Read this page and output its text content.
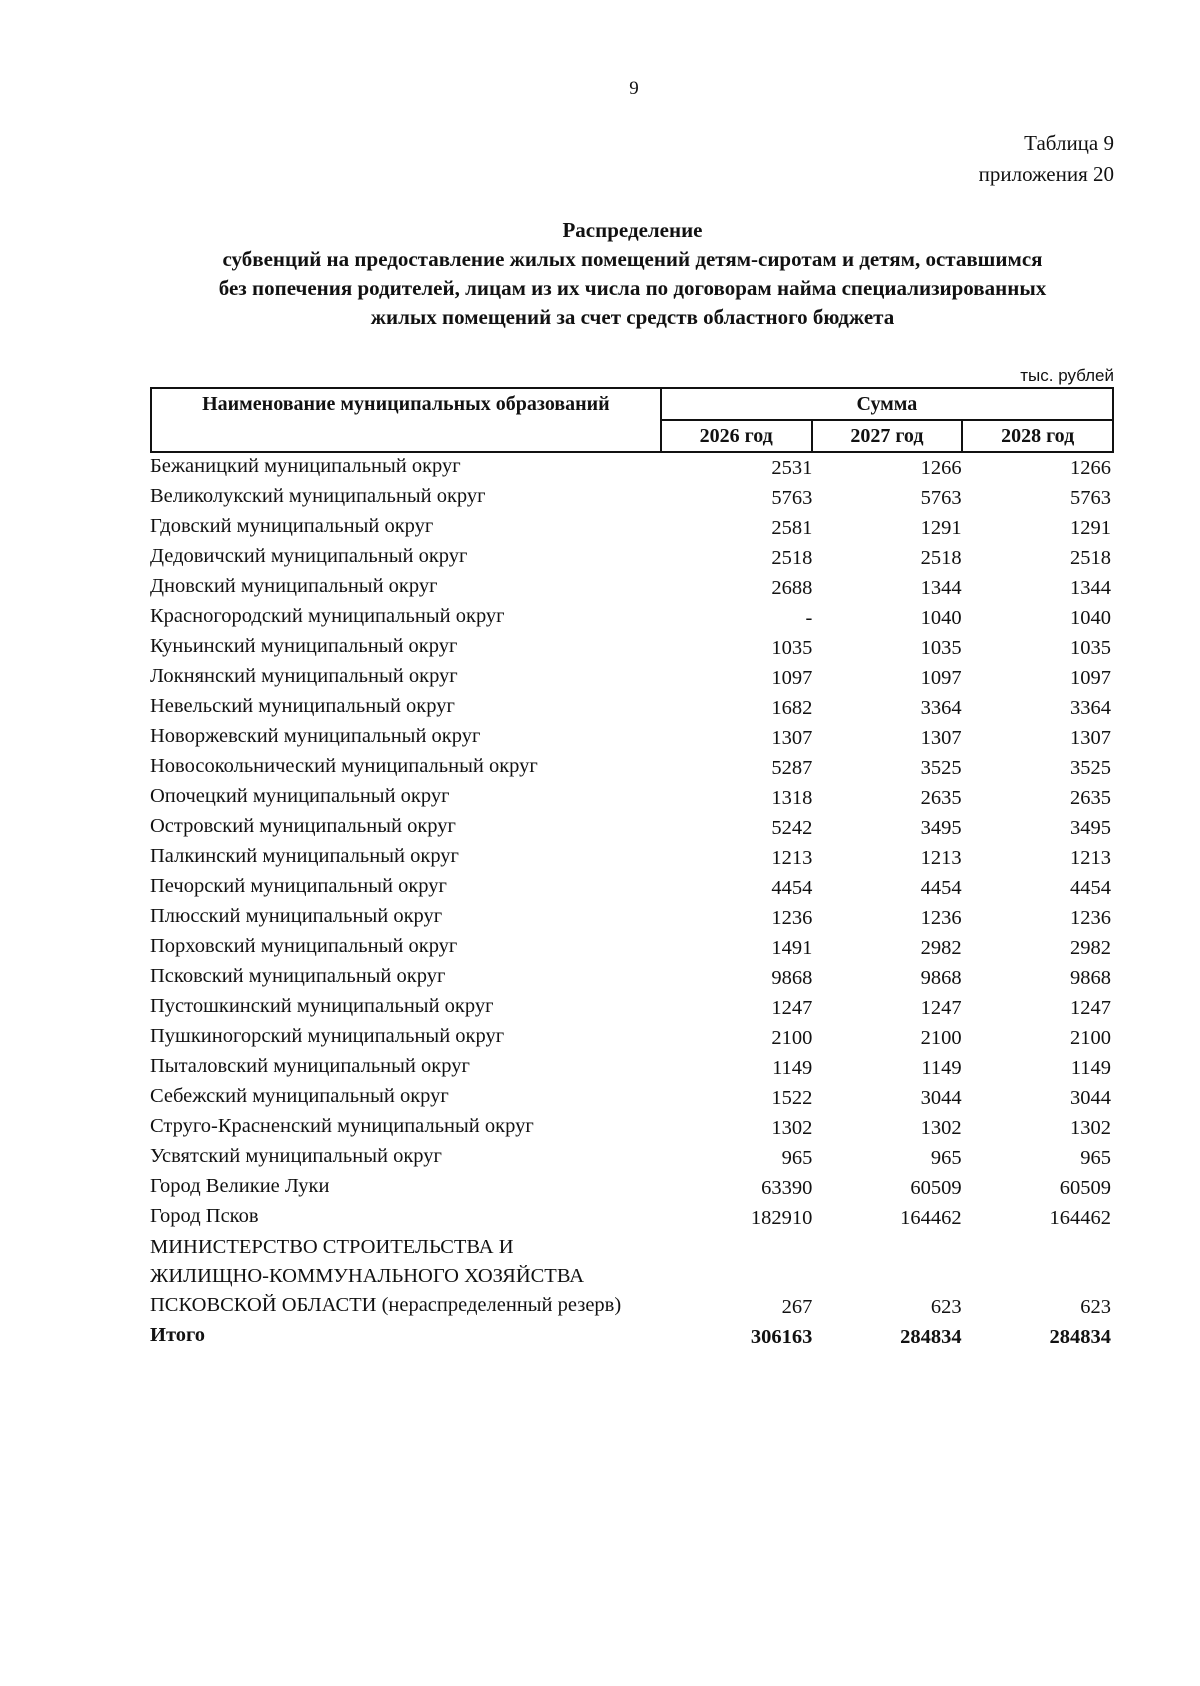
9
Таблица 9
приложения 20
Распределение
субвенций на предоставление жилых помещений детям-сиротам и детям, оставшимся
без попечения родителей, лицам из их числа по договорам найма специализированных
жилых помещений за счет средств областного бюджета
тыс. рублей
Наименование муниципальных образований	Сумма		
	2026 год	2027 год	2028 год
Бежаницкий муниципальный округ	2531	1266	1266
Великолукский муниципальный округ	5763	5763	5763
Гдовский муниципальный округ	2581	1291	1291
Дедовичский муниципальный округ	2518	2518	2518
Дновский муниципальный округ	2688	1344	1344
Красногородский муниципальный округ	-	1040	1040
Куньинский муниципальный округ	1035	1035	1035
Локнянский муниципальный округ	1097	1097	1097
Невельский муниципальный округ	1682	3364	3364
Новоржевский муниципальный округ	1307	1307	1307
Новосокольнический муниципальный округ	5287	3525	3525
Опочецкий муниципальный округ	1318	2635	2635
Островский муниципальный округ	5242	3495	3495
Палкинский муниципальный округ	1213	1213	1213
Печорский муниципальный округ	4454	4454	4454
Плюсский муниципальный округ	1236	1236	1236
Порховский муниципальный округ	1491	2982	2982
Псковский муниципальный округ	9868	9868	9868
Пустошкинский муниципальный округ	1247	1247	1247
Пушкиногорский муниципальный округ	2100	2100	2100
Пыталовский муниципальный округ	1149	1149	1149
Себежский муниципальный округ	1522	3044	3044
Струго-Красненский муниципальный округ	1302	1302	1302
Усвятский муниципальный округ	965	965	965
Город Великие Луки	63390	60509	60509
Город Псков	182910	164462	164462
МИНИСТЕРСТВО СТРОИТЕЛЬСТВА И
ЖИЛИЩНО-КОММУНАЛЬНОГО ХОЗЯЙСТВА
ПСКОВСКОЙ ОБЛАСТИ (нераспределенный резерв)	267	623	623
Итого	306163	284834	284834
